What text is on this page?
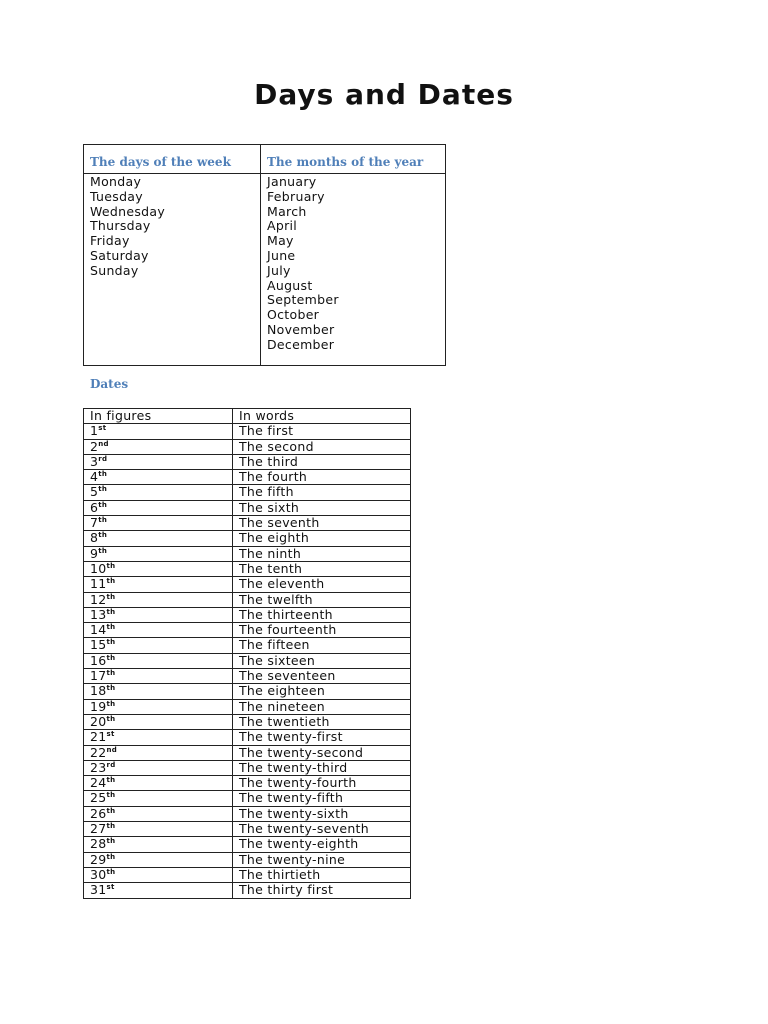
Days and Dates
The days of the week
Monday
Tuesday
Wednesday
Thursday
Friday
Saturday
Sunday
The months of the year
January
February
March
April
May
June
July
August
September
October
November
December
Dates
In figures	In words
1st	The first
2nd	The second
3rd	The third
4th	The fourth
5th	The fifth
6th	The sixth
7th	The seventh
8th	The eighth
9th	The ninth
10th	The tenth
11th	The eleventh
12th	The twelfth
13th	The thirteenth
14th	The fourteenth
15th	The fifteen
16th	The sixteen
17th	The seventeen
18th	The eighteen
19th	The nineteen
20th	The twentieth
21st	The twenty-first
22nd	The twenty-second
23rd	The twenty-third
24th	The twenty-fourth
25th	The twenty-fifth
26th	The twenty-sixth
27th	The twenty-seventh
28th	The twenty-eighth
29th	The twenty-nine
30th	The thirtieth
31st	The thirty first
